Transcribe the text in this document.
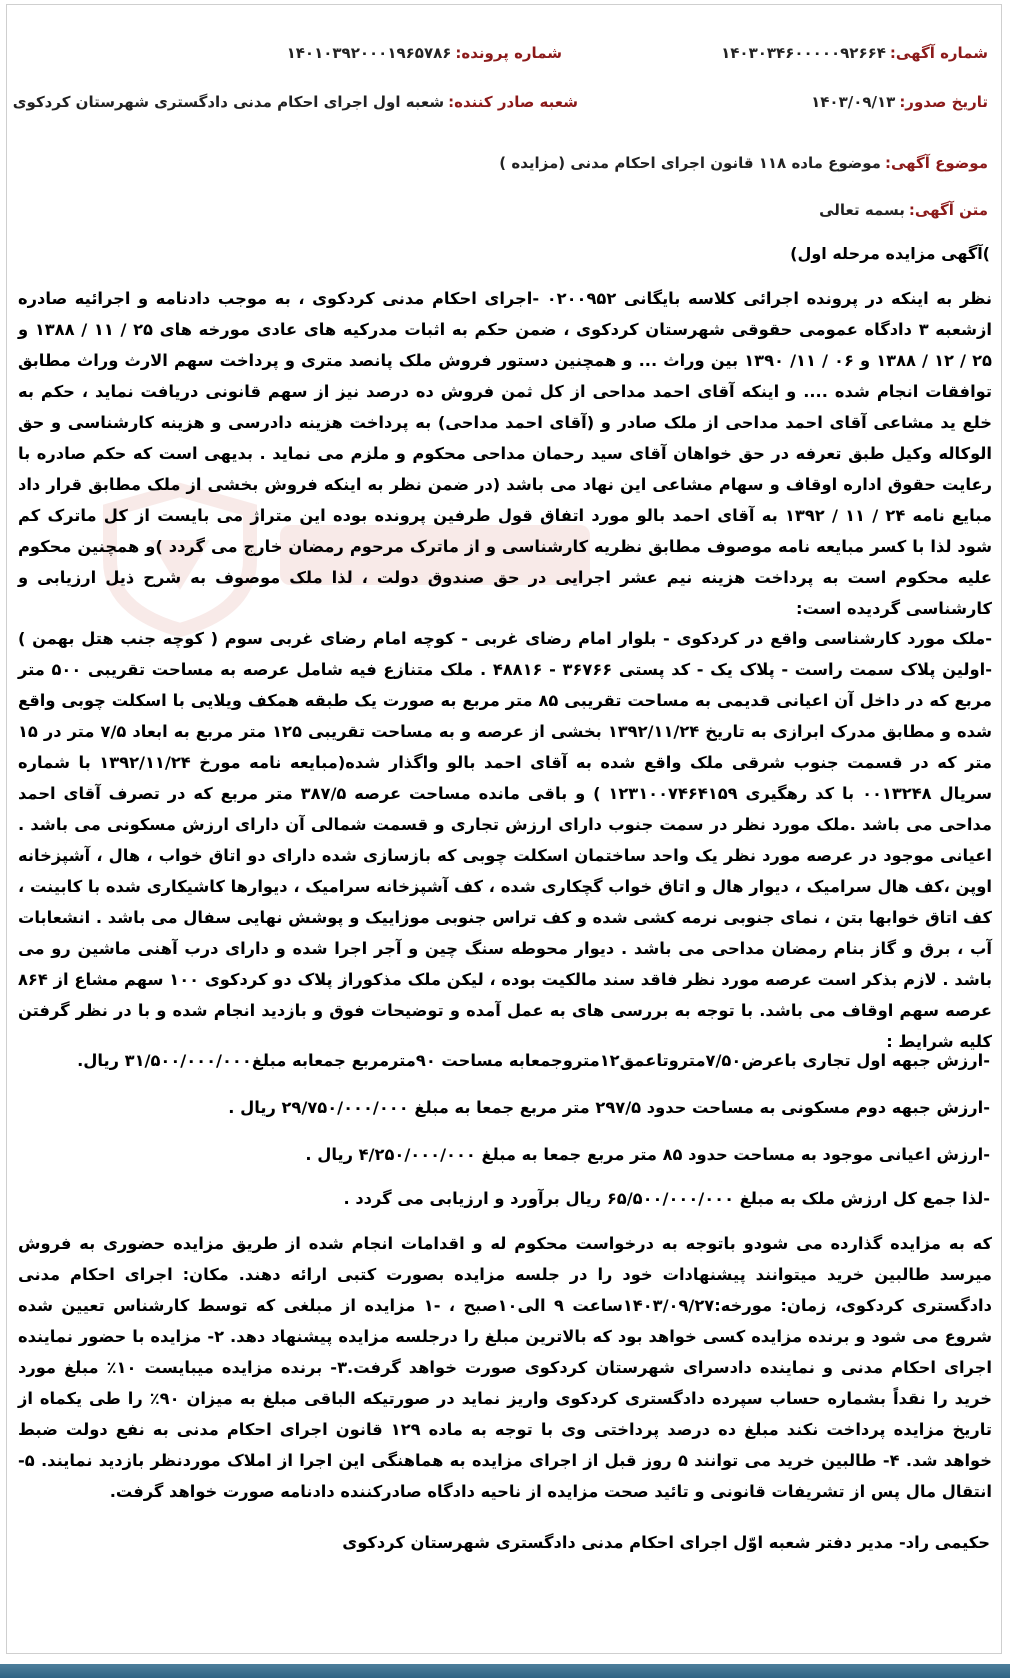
شماره آگهی:۱۴۰۳۰۳۴۶۰۰۰۰۰۹۲۶۶۴
شماره پرونده:۱۴۰۱۰۳۹۲۰۰۰۱۹۶۵۷۸۶
تاریخ صدور:۱۴۰۳/۰۹/۱۳
شعبه صادر کننده:شعبه اول اجرای احکام مدنی دادگستری شهرستان کردکوی
موضوع آگهی:موضوع ماده ۱۱۸ قانون اجرای احکام مدنی (مزایده )
متن آگهی:بسمه تعالی
)آگهی مزایده مرحله اول)
نظر به اینکه در پرونده اجرائی کلاسه بایگانی ۰۲۰۰۹۵۲ -اجرای احکام مدنی کردکوی ، به موجب دادنامه و اجرائیه صادره ازشعبه ۳ دادگاه عمومی حقوقی شهرستان کردکوی ، ضمن حکم به اثبات مدرکیه های عادی مورخه های ۲۵ / ۱۱ / ۱۳۸۸ و ۲۵ / ۱۲ / ۱۳۸۸ و ۰۶ / ۱۱/ ۱۳۹۰ بین وراث ... و همچنین دستور فروش ملک پانصد متری و پرداخت سهم الارث وراث مطابق توافقات انجام شده .... و اینکه آقای احمد مداحی از کل ثمن فروش ده درصد نیز از سهم قانونی دریافت نماید ، حکم به خلع ید مشاعی آقای احمد مداحی از ملک صادر و (آقای احمد مداحی) به پرداخت هزینه دادرسی و هزینه کارشناسی و حق الوکاله وکیل طبق تعرفه در حق خواهان آقای سید رحمان مداحی محکوم و ملزم می نماید . بدیهی است که حکم صادره با رعایت حقوق اداره اوقاف و سهام مشاعی این نهاد می باشد (در ضمن نظر به اینکه فروش بخشی از ملک مطابق قرار داد مبایع نامه ۲۴ / ۱۱ / ۱۳۹۲ به آقای احمد بالو مورد اتفاق قول طرفین پرونده بوده این متراژ می بایست از کل ماترک کم شود لذا با کسر مبایعه نامه موصوف مطابق نظریه کارشناسی و از ماترک مرحوم رمضان خارج می گردد )و همچنین محکوم علیه محکوم است به پرداخت هزینه نیم عشر اجرایی در حق صندوق دولت ، لذا ملک موصوف به شرح ذیل ارزیابی و کارشناسی گردیده است:
-ملک مورد کارشناسی واقع در کردکوی - بلوار امام رضای غربی - کوچه امام رضای غربی سوم ( کوچه جنب هتل بهمن ) -اولین پلاک سمت راست - پلاک یک - کد پستی ۳۶۷۶۶ - ۴۸۸۱۶ . ملک متنازع فیه شامل عرصه به مساحت تقریبی ۵۰۰ متر مربع که در داخل آن اعیانی قدیمی به مساحت تقریبی ۸۵ متر مربع به صورت یک طبقه همکف ویلایی با اسکلت چوبی واقع شده و مطابق مدرک ابرازی به تاریخ ۱۳۹۲/۱۱/۲۴ بخشی از عرصه و به مساحت تقریبی ۱۲۵ متر مربع به ابعاد ۷/۵ متر در ۱۵ متر که در قسمت جنوب شرقی ملک واقع شده به آقای احمد بالو واگذار شده(مبایعه نامه مورخ ۱۳۹۲/۱۱/۲۴ با شماره سریال ۰۰۱۳۲۴۸ با کد رهگیری ۱۲۳۱۰۰۷۴۶۴۱۵۹ ) و باقی مانده مساحت عرصه ۳۸۷/۵ متر مربع که در تصرف آقای احمد مداحی می باشد .ملک مورد نظر در سمت جنوب دارای ارزش تجاری و قسمت شمالی آن دارای ارزش مسکونی می باشد . اعیانی موجود در عرصه مورد نظر یک واحد ساختمان اسکلت چوبی که بازسازی شده دارای دو اتاق خواب ، هال ، آشپزخانه اوپن ،کف هال سرامیک ، دیوار هال و اتاق خواب گچکاری شده ، کف آشپزخانه سرامیک ، دیوارها کاشیکاری شده با کابینت ، کف اتاق خوابها بتن ، نمای جنوبی نرمه کشی شده و کف تراس جنوبی موزاییک و پوشش نهایی سفال می باشد . انشعابات آب ، برق و گاز بنام رمضان مداحی می باشد . دیوار محوطه سنگ چین و آجر اجرا شده و دارای درب آهنی ماشین رو می باشد . لازم بذکر است عرصه مورد نظر فاقد سند مالکیت بوده ، لیکن ملک مذکوراز پلاک دو کردکوی ۱۰۰ سهم مشاع از ۸۶۴ عرصه سهم اوقاف می باشد. با توجه به بررسی های به عمل آمده و توضیحات فوق و بازدید انجام شده و با در نظر گرفتن کلیه شرایط :
-ارزش جبهه اول تجاری باعرض۷/۵۰متروتاعمق۱۲متروجمعابه مساحت ۹۰مترمربع جمعابه مبلغ۳۱/۵۰۰/۰۰۰/۰۰۰ ریال.
-ارزش جبهه دوم مسکونی به مساحت حدود ۲۹۷/۵ متر مربع جمعا به مبلغ ۲۹/۷۵۰/۰۰۰/۰۰۰ ریال .
-ارزش اعیانی موجود به مساحت حدود ۸۵ متر مربع جمعا به مبلغ ۴/۲۵۰/۰۰۰/۰۰۰ ریال .
-لذا جمع کل ارزش ملک به مبلغ ۶۵/۵۰۰/۰۰۰/۰۰۰ ریال برآورد و ارزیابی می گردد .
که به مزایده گذارده می شودو باتوجه به درخواست محکوم له و اقدامات انجام شده از طریق مزایده حضوری به فروش میرسد طالبین خرید میتوانند پیشنهادات خود را در جلسه مزایده بصورت کتبی ارائه دهند. مکان: اجرای احکام مدنی دادگستری کردکوی، زمان: مورخه:۱۴۰۳/۰۹/۲۷ساعت ۹ الی۱۰صبح ، -۱ مزایده از مبلغی که توسط کارشناس تعیین شده شروع می شود و برنده مزایده کسی خواهد بود که بالاترین مبلغ را درجلسه مزایده پیشنهاد دهد. ۲- مزایده با حضور نماینده اجرای احکام مدنی و نماینده دادسرای شهرستان کردکوی صورت خواهد گرفت.۳- برنده مزایده میبایست ۱۰٪ مبلغ مورد خرید را نقداً بشماره حساب سپرده دادگستری کردکوی واریز نماید در صورتیکه الباقی مبلغ به میزان ۹۰٪ را طی یکماه از تاریخ مزایده پرداخت نکند مبلغ ده درصد پرداختی وی با توجه به ماده ۱۲۹ قانون اجرای احکام مدنی به نفع دولت ضبط خواهد شد. ۴- طالبین خرید می توانند ۵ روز قبل از اجرای مزایده به هماهنگی این اجرا از املاک موردنظر بازدید نمایند. ۵-انتقال مال پس از تشریفات قانونی و تائید صحت مزایده از ناحیه دادگاه صادرکننده دادنامه صورت خواهد گرفت.
حکیمی راد- مدیر دفتر شعبه اوّل اجرای احکام مدنی دادگستری شهرستان کردکوی
